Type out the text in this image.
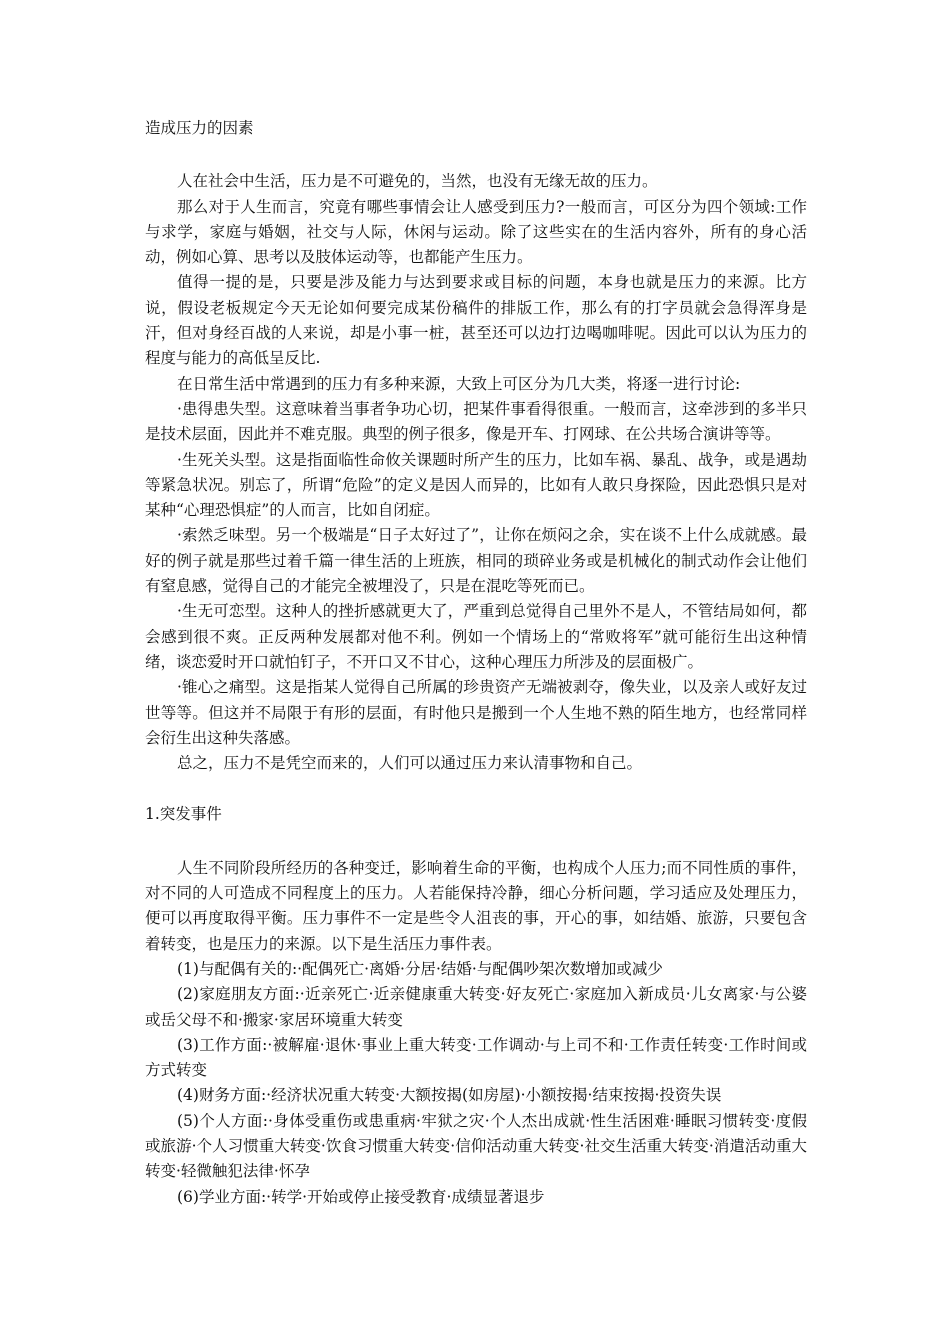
造成压力的因素

人在社会中生活，压力是不可避免的，当然，也没有无缘无故的压力。

那么对于人生而言，究竟有哪些事情会让人感受到压力?一般而言，可区分为四个领域:工作与求学，家庭与婚姻，社交与人际，休闲与运动。除了这些实在的生活内容外，所有的身心活动，例如心算、思考以及肢体运动等，也都能产生压力。

值得一提的是，只要是涉及能力与达到要求或目标的问题，本身也就是压力的来源。比方说，假设老板规定今天无论如何要完成某份稿件的排版工作，那么有的打字员就会急得浑身是汗，但对身经百战的人来说，却是小事一桩，甚至还可以边打边喝咖啡呢。因此可以认为压力的程度与能力的高低呈反比.

在日常生活中常遇到的压力有多种来源，大致上可区分为几大类，将逐一进行讨论:

·患得患失型。这意味着当事者争功心切，把某件事看得很重。一般而言，这牵涉到的多半只是技术层面，因此并不难克服。典型的例子很多，像是开车、打网球、在公共场合演讲等等。

·生死关头型。这是指面临性命攸关课题时所产生的压力，比如车祸、暴乱、战争，或是遇劫等紧急状况。别忘了，所谓“危险”的定义是因人而异的，比如有人敢只身探险，因此恐惧只是对某种“心理恐惧症”的人而言，比如自闭症。

·索然乏味型。另一个极端是“日子太好过了”，让你在烦闷之余，实在谈不上什么成就感。最好的例子就是那些过着千篇一律生活的上班族，相同的琐碎业务或是机械化的制式动作会让他们有窒息感，觉得自己的才能完全被埋没了，只是在混吃等死而已。

·生无可恋型。这种人的挫折感就更大了，严重到总觉得自己里外不是人，不管结局如何，都会感到很不爽。正反两种发展都对他不利。例如一个情场上的“常败将军”就可能衍生出这种情绪，谈恋爱时开口就怕钉子，不开口又不甘心，这种心理压力所涉及的层面极广。

·锥心之痛型。这是指某人觉得自己所属的珍贵资产无端被剥夺，像失业，以及亲人或好友过世等等。但这并不局限于有形的层面，有时他只是搬到一个人生地不熟的陌生地方，也经常同样会衍生出这种失落感。

总之，压力不是凭空而来的，人们可以通过压力来认清事物和自己。

1.突发事件

人生不同阶段所经历的各种变迁，影响着生命的平衡，也构成个人压力;而不同性质的事件，对不同的人可造成不同程度上的压力。人若能保持冷静，细心分析问题，学习适应及处理压力，便可以再度取得平衡。压力事件不一定是些令人沮丧的事，开心的事，如结婚、旅游，只要包含着转变，也是压力的来源。以下是生活压力事件表。

(1)与配偶有关的:·配偶死亡·离婚·分居·结婚·与配偶吵架次数增加或减少

(2)家庭朋友方面:·近亲死亡·近亲健康重大转变·好友死亡·家庭加入新成员·儿女离家·与公婆或岳父母不和·搬家·家居环境重大转变

(3)工作方面:·被解雇·退休·事业上重大转变·工作调动·与上司不和·工作责任转变·工作时间或方式转变

(4)财务方面:·经济状况重大转变·大额按揭(如房屋)·小额按揭·结束按揭·投资失误

(5)个人方面:·身体受重伤或患重病·牢狱之灾·个人杰出成就·性生活困难·睡眠习惯转变·度假或旅游·个人习惯重大转变·饮食习惯重大转变·信仰活动重大转变·社交生活重大转变·消遣活动重大转变·轻微触犯法律·怀孕

(6)学业方面:·转学·开始或停止接受教育·成绩显著退步
